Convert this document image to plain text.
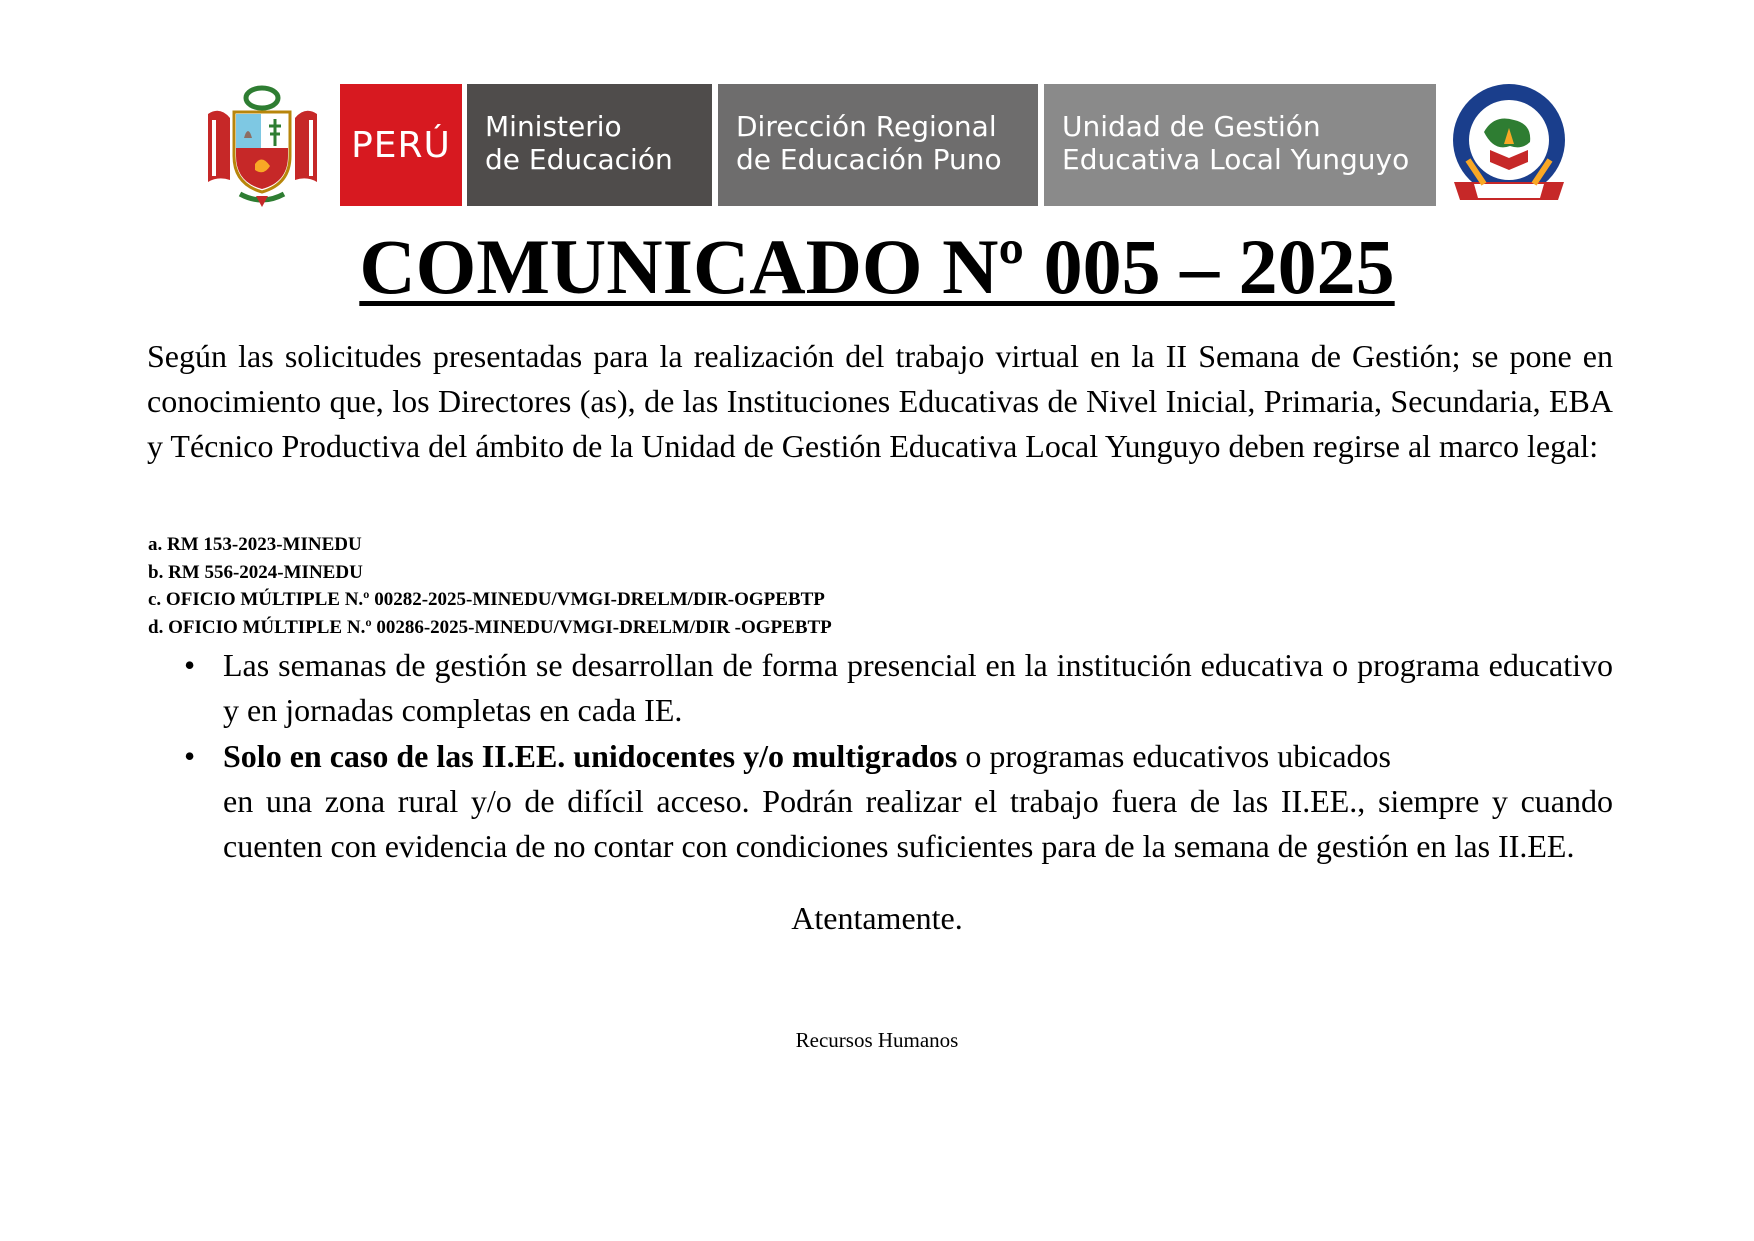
PERÚ Ministerio
de Educación
Dirección Regional
de Educación Puno
Unidad de Gestión
Educativa Local Yunguyo
COMUNICADO Nº 005 – 2025
Según las solicitudes presentadas para la realización del trabajo virtual en la II Semana de Gestión; se pone en conocimiento que, los Directores (as), de las Instituciones Educativas de Nivel Inicial, Primaria, Secundaria, EBA y Técnico Productiva del ámbito de la Unidad de Gestión Educativa Local Yunguyo deben regirse al marco legal:
a. RM 153-2023-MINEDU
b. RM 556-2024-MINEDU
c. OFICIO MÚLTIPLE N.º 00282-2025-MINEDU/VMGI-DRELM/DIR-OGPEBTP
d. OFICIO MÚLTIPLE N.º 00286-2025-MINEDU/VMGI-DRELM/DIR -OGPEBTP
• Las semanas de gestión se desarrollan de forma presencial en la institución educativa o programa educativo y en jornadas completas en cada IE.
• Solo en caso de las II.EE. unidocentes y/o multigrados o programas educativos ubicados

en una zona rural y/o de difícil acceso. Podrán realizar el trabajo fuera de las II.EE., siempre y cuando cuenten con evidencia de no contar con condiciones suficientes para de la semana de gestión en las II.EE.
Atentamente.
Recursos Humanos
